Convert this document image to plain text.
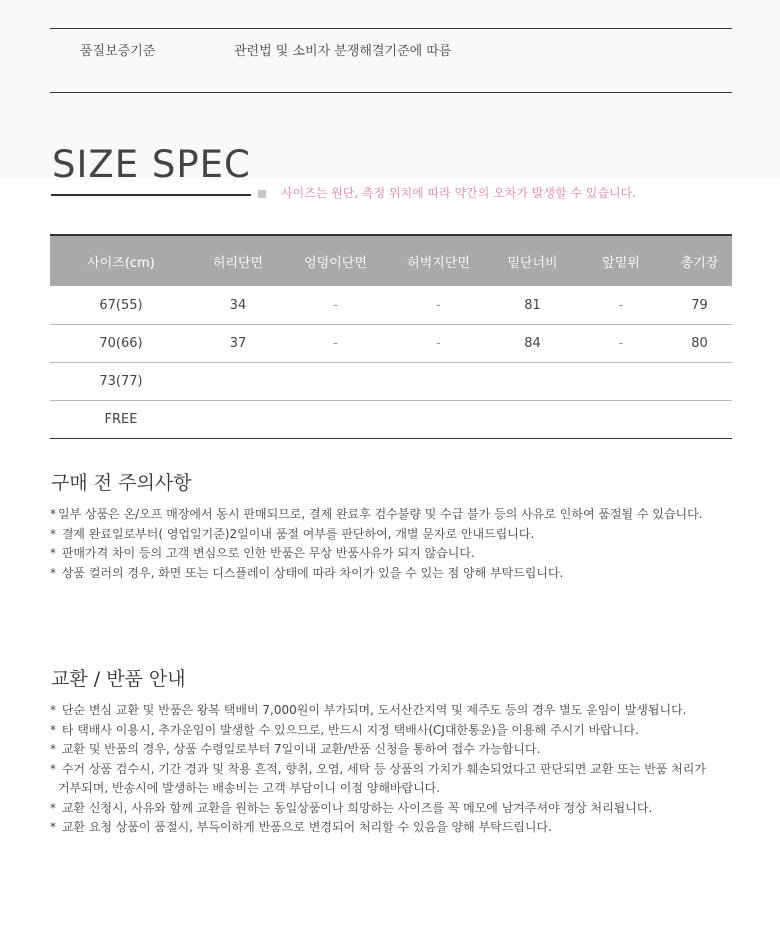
품질보증기준	관련법 및 소비자 분쟁해결기준에 따름
SIZE SPEC
사이즈는 원단, 측정 위치에 따라 약간의 오차가 발생할 수 있습니다.
사이즈(cm)	허리단면	엉덩이단면	허벅지단면	밑단너비	앞밑위	총기장
67(55)	34	-	-	81	-	79
70(66)	37	-	-	84	-	80
73(77)						
FREE						
구매 전 주의사항
* 일부 상품은 온/오프 매장에서 동시 판매되므로, 결제 완료후 검수불량 및 수급 불가 등의 사유로 인하여 품절될 수 있습니다.
* 결제 완료일로부터( 영업일기준)2일이내 품절 여부를 판단하여, 개별 문자로 안내드립니다.
* 판매가격 차이 등의 고객 변심으로 인한 반품은 무상 반품사유가 되지 않습니다.
* 상품 컬러의 경우, 화면 또는 디스플레이 상태에 따라 차이가 있을 수 있는 점 양해 부탁드립니다.
교환 / 반품 안내
* 단순 변심 교환 및 반품은 왕복 택배비 7,000원이 부가되며, 도서산간지역 및 제주도 등의 경우 별도 운임이 발생됩니다.
* 타 택배사 이용시, 추가운임이 발생할 수 있으므로, 반드시 지정 택배사(CJ대한통운)을 이용해 주시기 바랍니다.
* 교환 및 반품의 경우, 상품 수령일로부터 7일이내 교환/반품 신청을 통하여 접수 가능합니다.
* 수거 상품 검수시, 기간 경과 및 착용 흔적, 향취, 오염, 세탁 등 상품의 가치가 훼손되었다고 판단되면 교환 또는 반품 처리가
거부되며, 반송시에 발생하는 배송비는 고객 부담이니 이점 양해바랍니다.
* 교환 신청시, 사유와 함께 교환을 원하는 동일상품이나 희망하는 사이즈를 꼭 메모에 남겨주셔야 정상 처리됩니다.
* 교환 요청 상품이 품절시, 부득이하게 반품으로 변경되어 처리할 수 있음을 양해 부탁드립니다.
